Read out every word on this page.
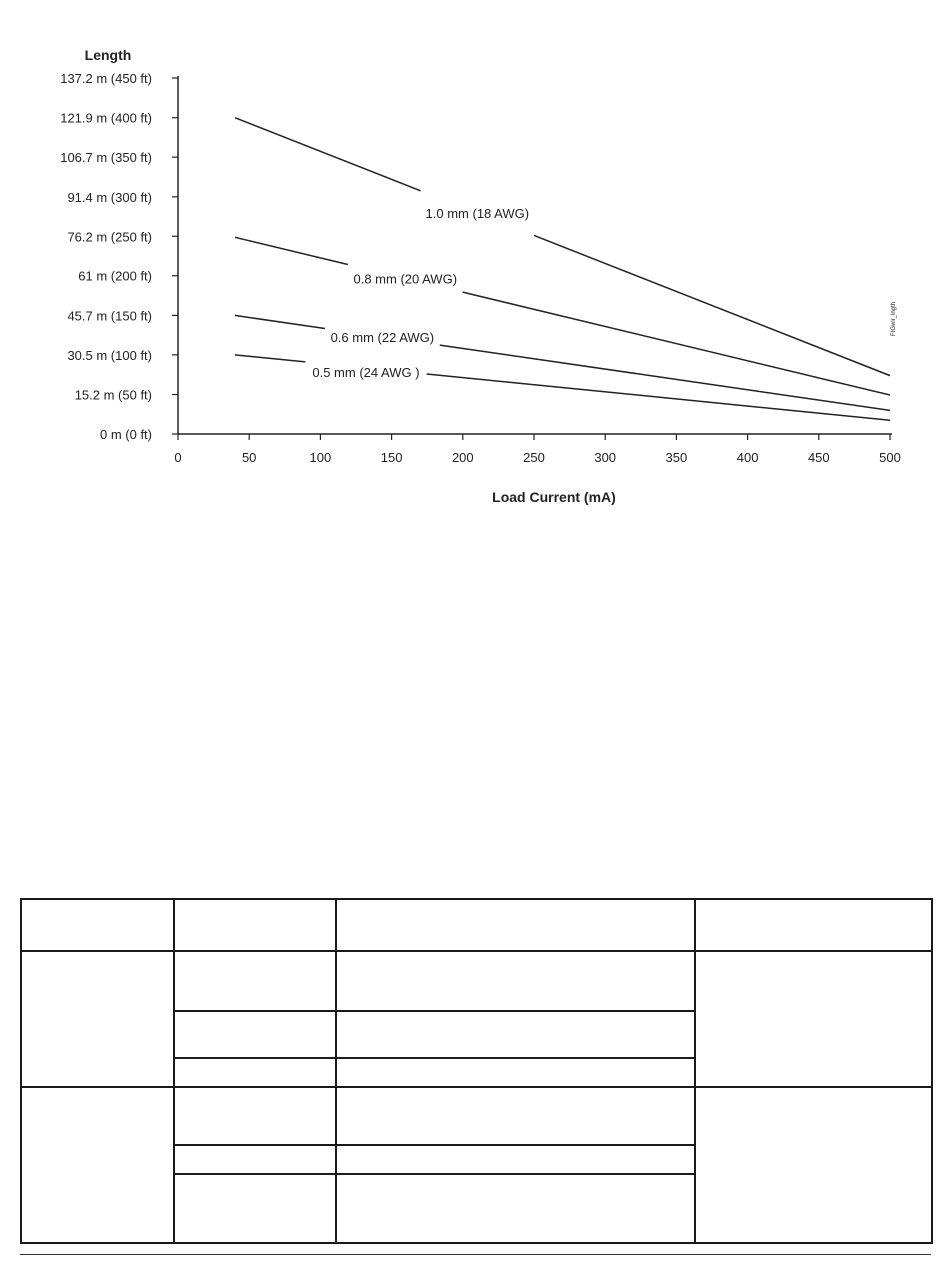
Length
0 m (0 ft)
15.2 m (50 ft)
30.5 m (100 ft)
45.7 m (150 ft)
61 m (200 ft)
76.2 m (250 ft)
91.4 m (300 ft)
106.7 m (350 ft)
121.9 m (400 ft)
137.2 m (450 ft)
0	50	100	150	200	250	300	350	400	450	500
1.0 mm (18 AWG)
0.8 mm (20 AWG)
0.6 mm (22 AWG)
0.5 mm (24 AWG )
Load Current (mA)
FIGwir_lngth
